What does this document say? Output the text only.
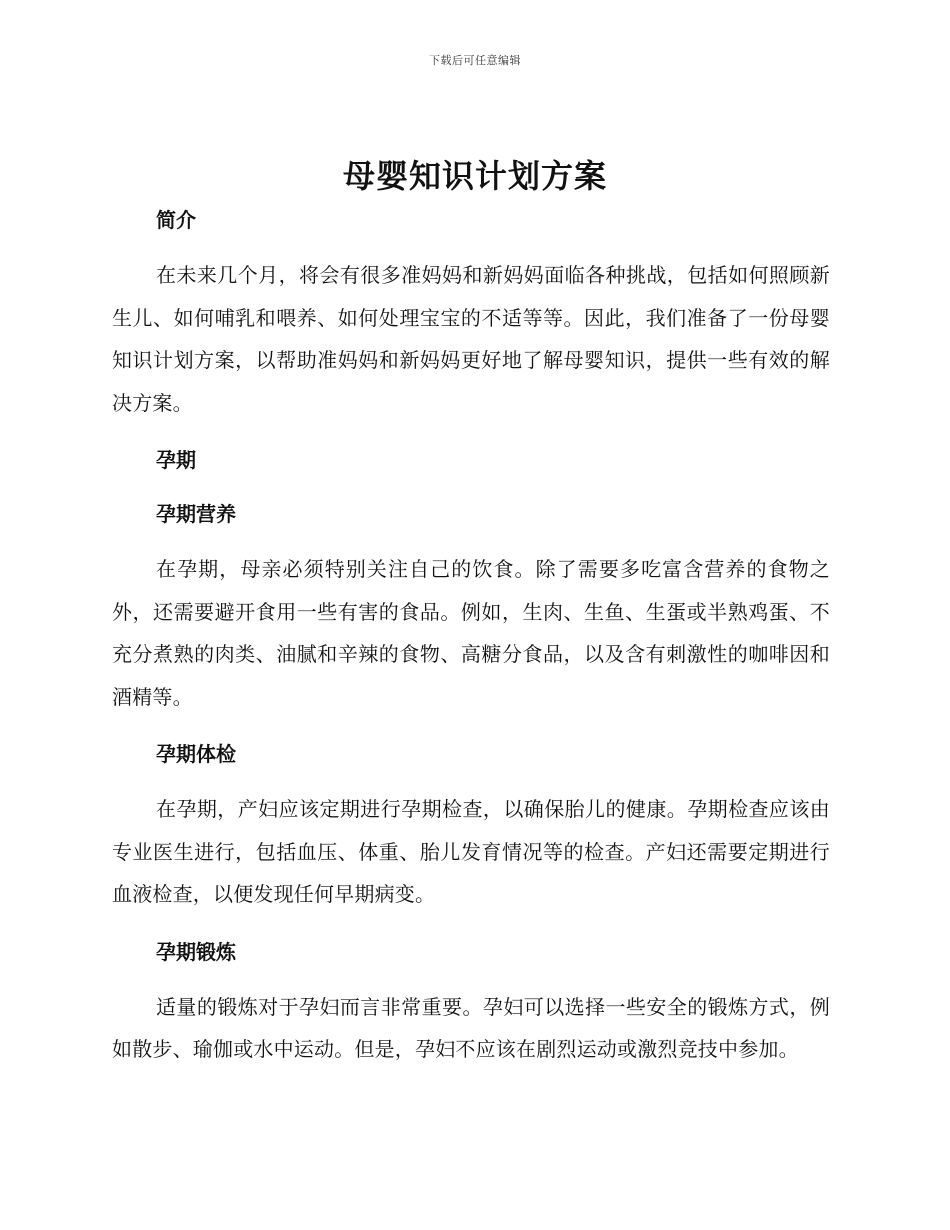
下载后可任意编辑
母婴知识计划方案
简介

在未来几个月，将会有很多准妈妈和新妈妈面临各种挑战，包括如何照顾新生儿、如何哺乳和喂养、如何处理宝宝的不适等等。因此，我们准备了一份母婴知识计划方案，以帮助准妈妈和新妈妈更好地了解母婴知识，提供一些有效的解决方案。

孕期
孕期营养

在孕期，母亲必须特别关注自己的饮食。除了需要多吃富含营养的食物之外，还需要避开食用一些有害的食品。例如，生肉、生鱼、生蛋或半熟鸡蛋、不充分煮熟的肉类、油腻和辛辣的食物、高糖分食品，以及含有刺激性的咖啡因和酒精等。

孕期体检

在孕期，产妇应该定期进行孕期检查，以确保胎儿的健康。孕期检查应该由专业医生进行，包括血压、体重、胎儿发育情况等的检查。产妇还需要定期进行血液检查，以便发现任何早期病变。

孕期锻炼

适量的锻炼对于孕妇而言非常重要。孕妇可以选择一些安全的锻炼方式，例如散步、瑜伽或水中运动。但是，孕妇不应该在剧烈运动或激烈竞技中参加。
